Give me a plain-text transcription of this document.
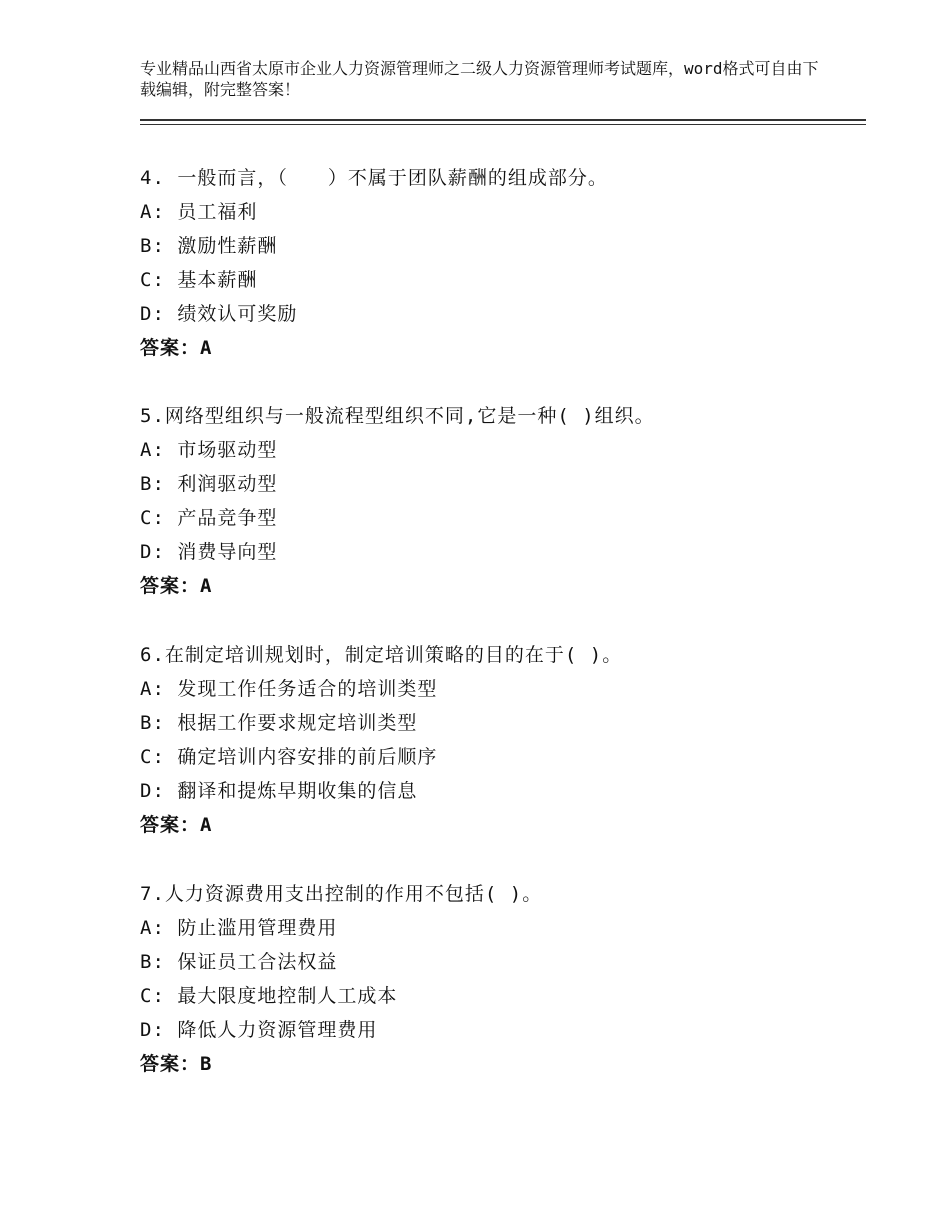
专业精品山西省太原市企业人力资源管理师之二级人力资源管理师考试题库，word格式可自由下载编辑，附完整答案！

4. 一般而言，（　　）不属于团队薪酬的组成部分。
A: 员工福利
B: 激励性薪酬
C: 基本薪酬
D: 绩效认可奖励
答案：A
5.网络型组织与一般流程型组织不同,它是一种( )组织。
A: 市场驱动型
B: 利润驱动型
C: 产品竞争型
D: 消费导向型
答案：A
6.在制定培训规划时，制定培训策略的目的在于( )。
A: 发现工作任务适合的培训类型
B: 根据工作要求规定培训类型
C: 确定培训内容安排的前后顺序
D: 翻译和提炼早期收集的信息
答案：A
7.人力资源费用支出控制的作用不包括( )。
A: 防止滥用管理费用
B: 保证员工合法权益
C: 最大限度地控制人工成本
D: 降低人力资源管理费用
答案：B
